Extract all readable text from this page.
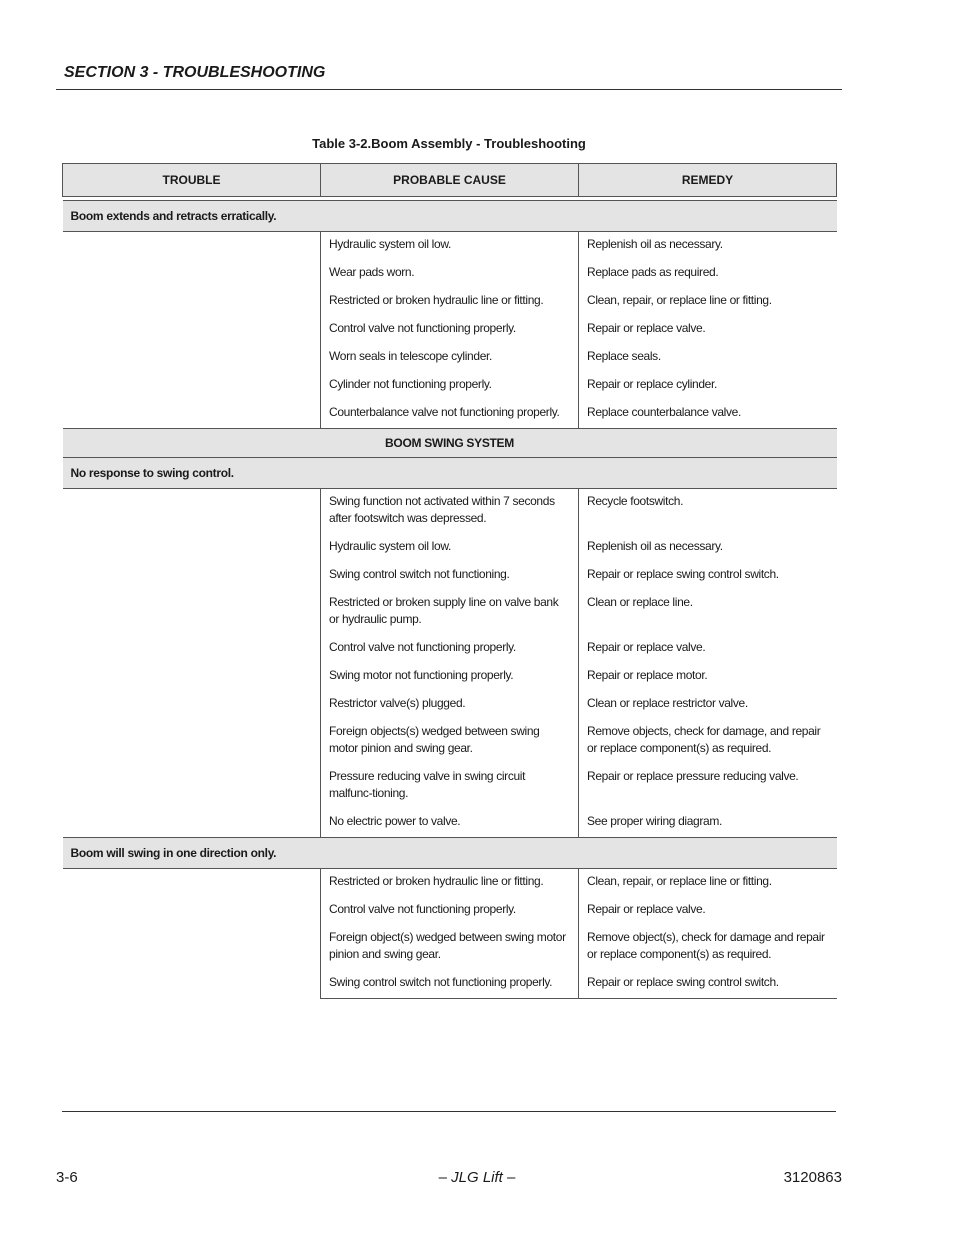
SECTION 3 - TROUBLESHOOTING
Table 3-2.Boom Assembly - Troubleshooting
TROUBLE	PROBABLE CAUSE	REMEDY

Boom extends and retracts erratically.		
	Hydraulic system oil low.	Replenish oil as necessary.
	Wear pads worn.	Replace pads as required.
	Restricted or broken hydraulic line or fitting.	Clean, repair, or replace line or fitting.
	Control valve not functioning properly.	Repair or replace valve.
	Worn seals in telescope cylinder.	Replace seals.
	Cylinder not functioning properly.	Repair or replace cylinder.
	Counterbalance valve not functioning properly.	Replace counterbalance valve.
BOOM SWING SYSTEM		
No response to swing control.		
	Swing function not activated within 7 seconds after footswitch was depressed.	Recycle footswitch.
	Hydraulic system oil low.	Replenish oil as necessary.
	Swing control switch not functioning.	Repair or replace swing control switch.
	Restricted or broken supply line on valve bank or hydraulic pump.	Clean or replace line.
	Control valve not functioning properly.	Repair or replace valve.
	Swing motor not functioning properly.	Repair or replace motor.
	Restrictor valve(s) plugged.	Clean or replace restrictor valve.
	Foreign objects(s) wedged between swing motor pinion and swing gear.	Remove objects, check for damage, and repair or replace component(s) as required.
	Pressure reducing valve in swing circuit malfunc-tioning.	Repair or replace pressure reducing valve.
	No electric power to valve.	See proper wiring diagram.
Boom will swing in one direction only.		
	Restricted or broken hydraulic line or fitting.	Clean, repair, or replace line or fitting.
	Control valve not functioning properly.	Repair or replace valve.
	Foreign object(s) wedged between swing motor pinion and swing gear.	Remove object(s), check for damage and repair or replace component(s) as required.
	Swing control switch not functioning properly.	Repair or replace swing control switch.
3-6	– JLG Lift –	3120863
